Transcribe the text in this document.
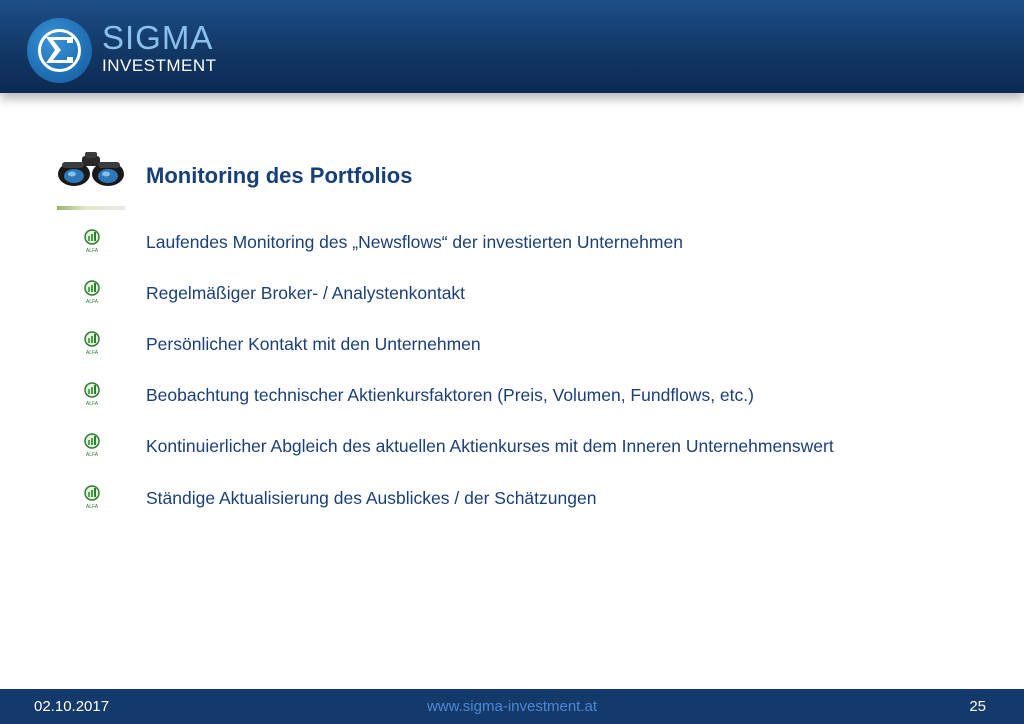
SIGMA
INVESTMENT
Monitoring des Portfolios
ALFA	Laufendes Monitoring des „Newsflows“ der investierten Unternehmen
ALFA	Regelmäßiger Broker- / Analystenkontakt
ALFA	Persönlicher Kontakt mit den Unternehmen
ALFA	Beobachtung technischer Aktienkursfaktoren (Preis, Volumen, Fundflows, etc.)
ALFA	Kontinuierlicher Abgleich des aktuellen Aktienkurses mit dem Inneren Unternehmenswert
ALFA	Ständige Aktualisierung des Ausblickes / der Schätzungen
02.10.2017	www.sigma-investment.at	25
